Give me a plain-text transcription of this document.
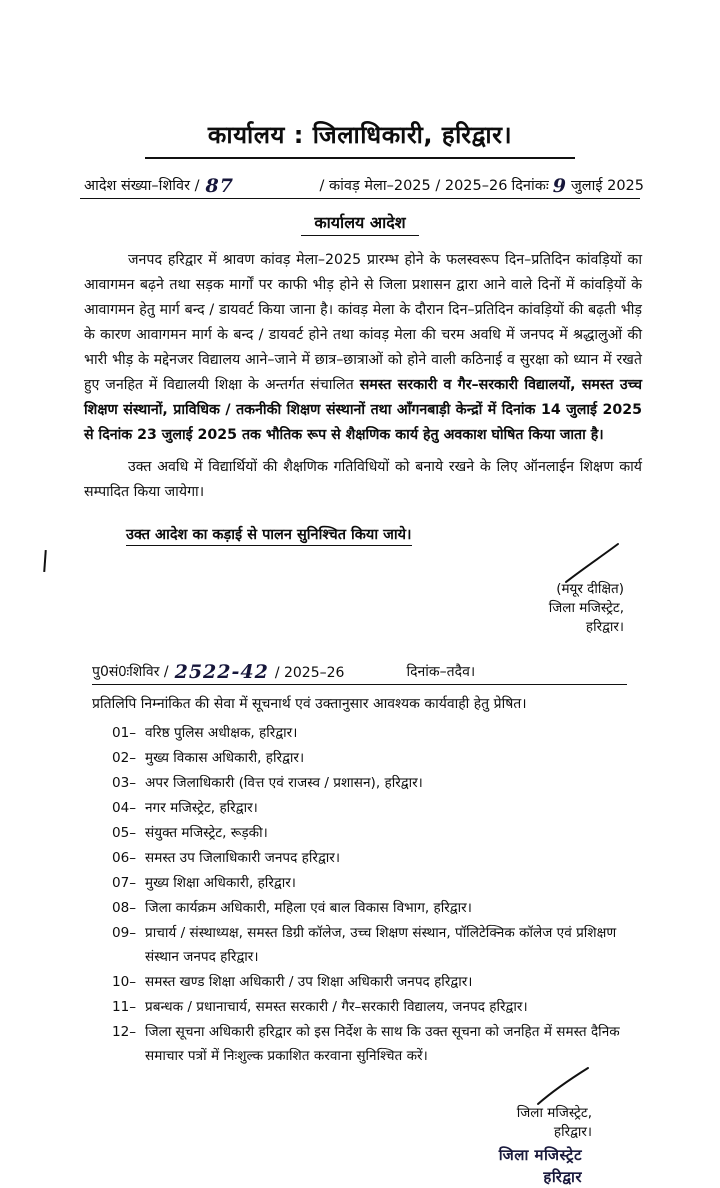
कार्यालय : जिलाधिकारी, हरिद्वार।
आदेश संख्या–शिविर / 87	/ कांवड़ मेला–2025 / 2025–26 दिनांकः 9 जुलाई 2025
कार्यालय आदेश

जनपद हरिद्वार में श्रावण कांवड़ मेला–2025 प्रारम्भ होने के फलस्वरूप दिन–प्रतिदिन कांवड़ियों का आवागमन बढ़ने तथा सड़क मार्गों पर काफी भीड़ होने से जिला प्रशासन द्वारा आने वाले दिनों में कांवड़ियों के आवागमन हेतु मार्ग बन्द / डायवर्ट किया जाना है। कांवड़ मेला के दौरान दिन–प्रतिदिन कांवड़ियों की बढ़ती भीड़ के कारण आवागमन मार्ग के बन्द / डायवर्ट होने तथा कांवड़ मेला की चरम अवधि में जनपद में श्रद्धालुओं की भारी भीड़ के मद्देनजर विद्यालय आने–जाने में छात्र–छात्राओं को होने वाली कठिनाई व सुरक्षा को ध्यान में रखते हुए जनहित में विद्यालयी शिक्षा के अन्तर्गत संचालित समस्त सरकारी व गैर–सरकारी विद्यालयों, समस्त उच्च शिक्षण संस्थानों, प्राविधिक / तकनीकी शिक्षण संस्थानों तथा आँगनबाड़ी केन्द्रों में दिनांक 14 जुलाई 2025 से दिनांक 23 जुलाई 2025 तक भौतिक रूप से शैक्षणिक कार्य हेतु अवकाश घोषित किया जाता है।

उक्त अवधि में विद्यार्थियों की शैक्षणिक गतिविधियों को बनाये रखने के लिए ऑनलाईन शिक्षण कार्य सम्पादित किया जायेगा।

उक्त आदेश का कड़ाई से पालन सुनिश्चित किया जाये।
(मयूर दीक्षित)
जिला मजिस्ट्रेट,
हरिद्वार।
पु0सं0ःशिविर / 2522-42 / 2025–26	दिनांक–तदैव।
प्रतिलिपि निम्नांकित की सेवा में सूचनार्थ एवं उक्तानुसार आवश्यक कार्यवाही हेतु प्रेषित।
01– वरिष्ठ पुलिस अधीक्षक, हरिद्वार।
02– मुख्य विकास अधिकारी, हरिद्वार।
03– अपर जिलाधिकारी (वित्त एवं राजस्व / प्रशासन), हरिद्वार।
04– नगर मजिस्ट्रेट, हरिद्वार।
05– संयुक्त मजिस्ट्रेट, रूड़की।
06– समस्त उप जिलाधिकारी जनपद हरिद्वार।
07– मुख्य शिक्षा अधिकारी, हरिद्वार।
08– जिला कार्यक्रम अधिकारी, महिला एवं बाल विकास विभाग, हरिद्वार।
09– प्राचार्य / संस्थाध्यक्ष, समस्त डिग्री कॉलेज, उच्च शिक्षण संस्थान, पॉलिटेक्निक कॉलेज एवं प्रशिक्षण संस्थान जनपद हरिद्वार।
10– समस्त खण्ड शिक्षा अधिकारी / उप शिक्षा अधिकारी जनपद हरिद्वार।
11– प्रबन्धक / प्रधानाचार्य, समस्त सरकारी / गैर–सरकारी विद्यालय, जनपद हरिद्वार।
12– जिला सूचना अधिकारी हरिद्वार को इस निर्देश के साथ कि उक्त सूचना को जनहित में समस्त दैनिक समाचार पत्रों में निःशुल्क प्रकाशित करवाना सुनिश्चित करें।
जिला मजिस्ट्रेट,
हरिद्वार।
जिला मजिस्ट्रेट
हरिद्वार
